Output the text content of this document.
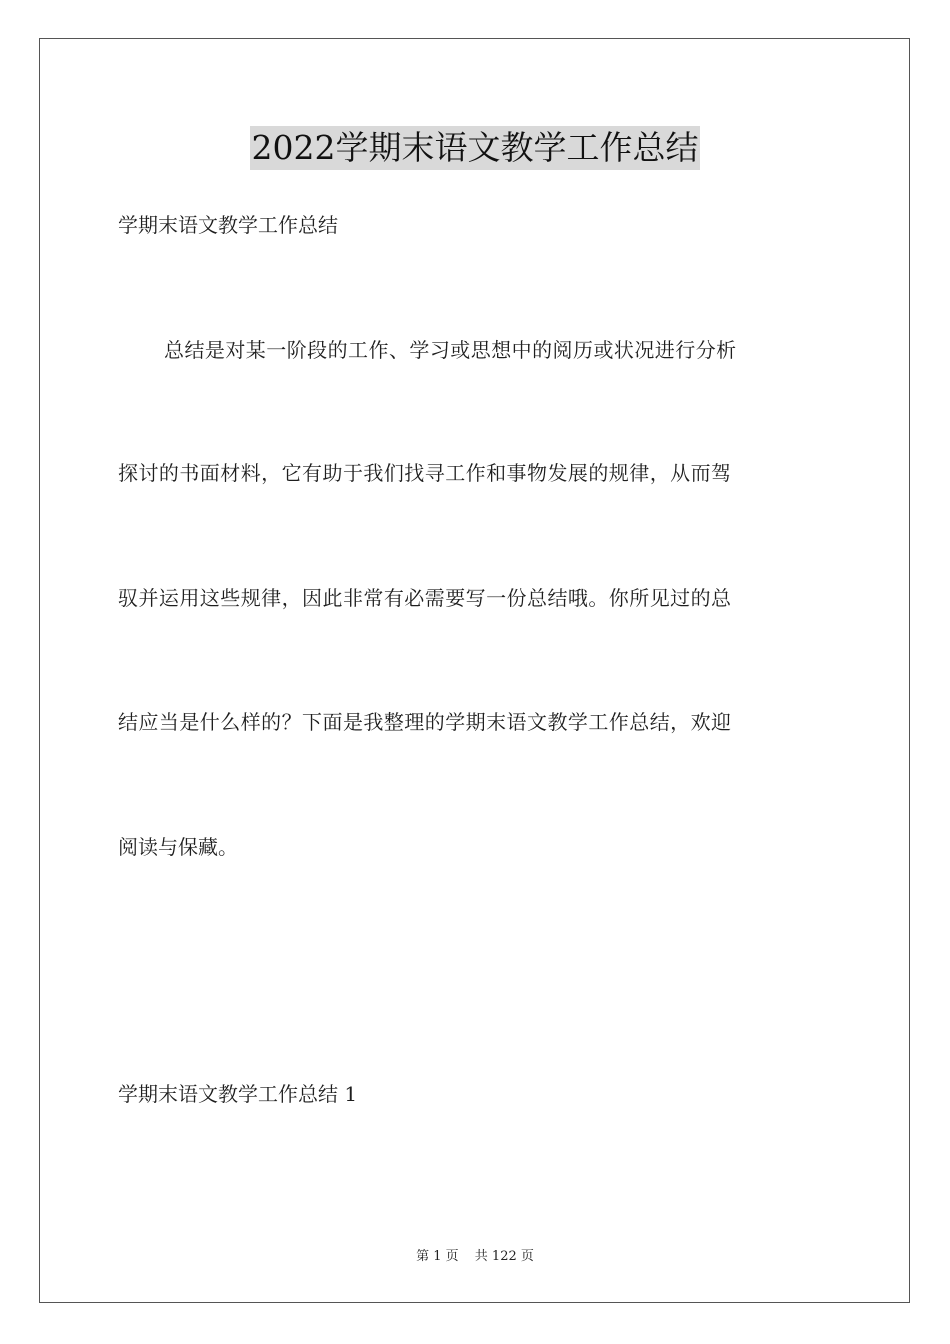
2022学期末语文教学工作总结
学期末语文教学工作总结
总结是对某一阶段的工作、学习或思想中的阅历或状况进行分析
探讨的书面材料，它有助于我们找寻工作和事物发展的规律，从而驾
驭并运用这些规律，因此非常有必需要写一份总结哦。你所见过的总
结应当是什么样的？下面是我整理的学期末语文教学工作总结，欢迎
阅读与保藏。
学期末语文教学工作总结 1
第 1 页 共 122 页
